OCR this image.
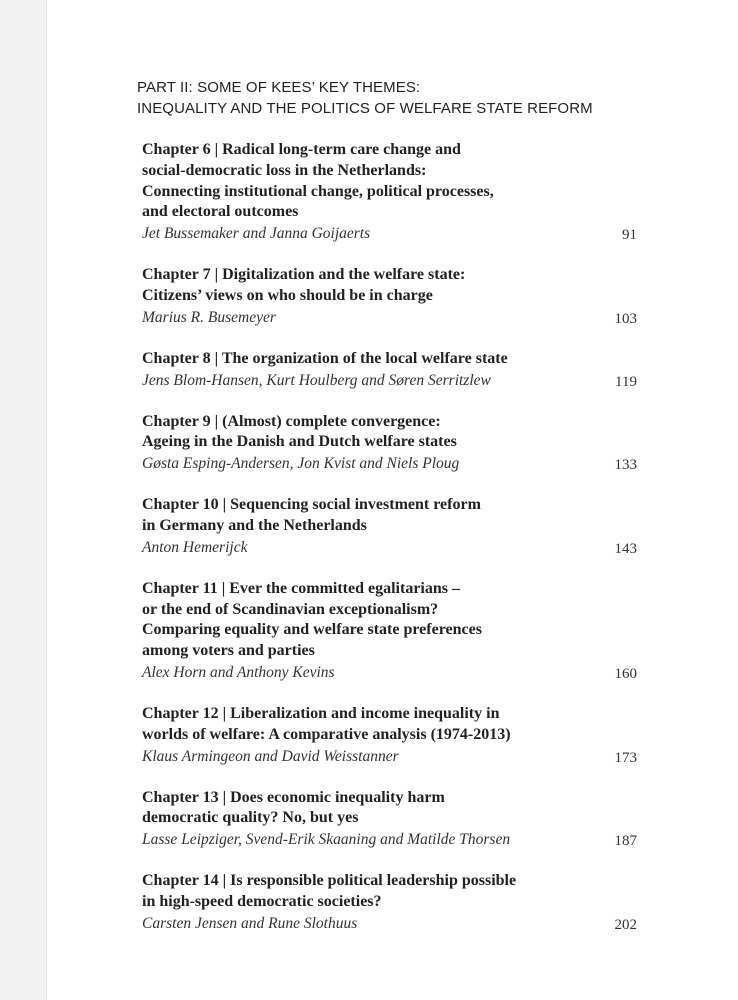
PART II: SOME OF KEES’ KEY THEMES:
INEQUALITY AND THE POLITICS OF WELFARE STATE REFORM
Chapter 6 | Radical long-term care change and
social-democratic loss in the Netherlands:
Connecting institutional change, political processes,
and electoral outcomes
Jet Bussemaker and Janna Goijaerts	91
Chapter 7 | Digitalization and the welfare state:
Citizens’ views on who should be in charge
Marius R. Busemeyer	103
Chapter 8 | The organization of the local welfare state
Jens Blom-Hansen, Kurt Houlberg and Søren Serritzlew	119
Chapter 9 | (Almost) complete convergence:
Ageing in the Danish and Dutch welfare states
Gøsta Esping-Andersen, Jon Kvist and Niels Ploug	133
Chapter 10 | Sequencing social investment reform
in Germany and the Netherlands
Anton Hemerijck	143
Chapter 11 | Ever the committed egalitarians –
or the end of Scandinavian exceptionalism?
Comparing equality and welfare state preferences
among voters and parties
Alex Horn and Anthony Kevins	160
Chapter 12 | Liberalization and income inequality in
worlds of welfare: A comparative analysis (1974-2013)
Klaus Armingeon and David Weisstanner	173
Chapter 13 | Does economic inequality harm
democratic quality? No, but yes
Lasse Leipziger, Svend-Erik Skaaning and Matilde Thorsen	187
Chapter 14 | Is responsible political leadership possible
in high-speed democratic societies?
Carsten Jensen and Rune Slothuus	202
